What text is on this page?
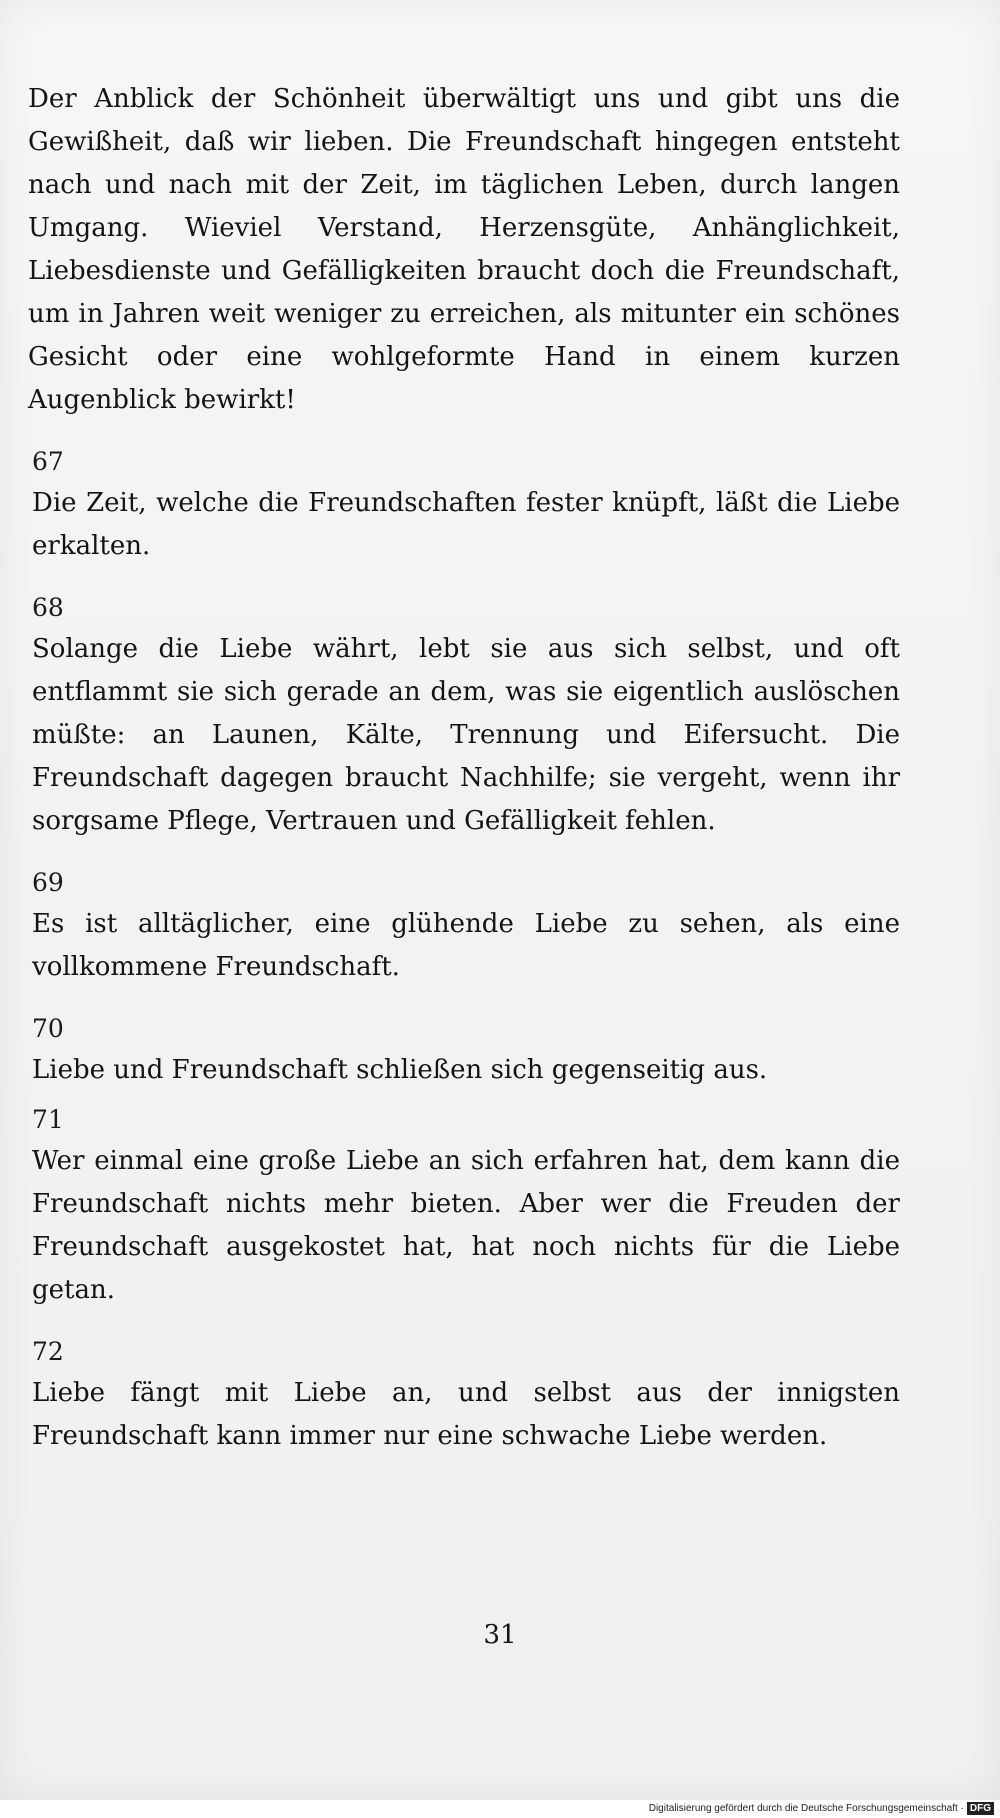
Der Anblick der Schönheit überwältigt uns und gibt uns die Gewißheit, daß wir lieben. Die Freundschaft hingegen entsteht nach und nach mit der Zeit, im täglichen Leben, durch langen Umgang. Wieviel Verstand, Herzensgüte, Anhänglichkeit, Liebesdienste und Gefälligkeiten braucht doch die Freundschaft, um in Jahren weit weniger zu erreichen, als mitunter ein schönes Gesicht oder eine wohlgeformte Hand in einem kurzen Augenblick bewirkt!

67

Die Zeit, welche die Freundschaften fester knüpft, läßt die Liebe erkalten.

68

Solange die Liebe währt, lebt sie aus sich selbst, und oft entflammt sie sich gerade an dem, was sie eigentlich auslöschen müßte: an Launen, Kälte, Trennung und Eifersucht. Die Freundschaft dagegen braucht Nachhilfe; sie vergeht, wenn ihr sorgsame Pflege, Vertrauen und Gefälligkeit fehlen.

69

Es ist alltäglicher, eine glühende Liebe zu sehen, als eine vollkommene Freundschaft.

70

Liebe und Freundschaft schließen sich gegenseitig aus.

71

Wer einmal eine große Liebe an sich erfahren hat, dem kann die Freundschaft nichts mehr bieten. Aber wer die Freuden der Freundschaft ausgekostet hat, hat noch nichts für die Liebe getan.

72

Liebe fängt mit Liebe an, und selbst aus der innigsten Freundschaft kann immer nur eine schwache Liebe werden.

31
Digitalisierung gefördert durch die Deutsche Forschungsgemeinschaft · DFG
